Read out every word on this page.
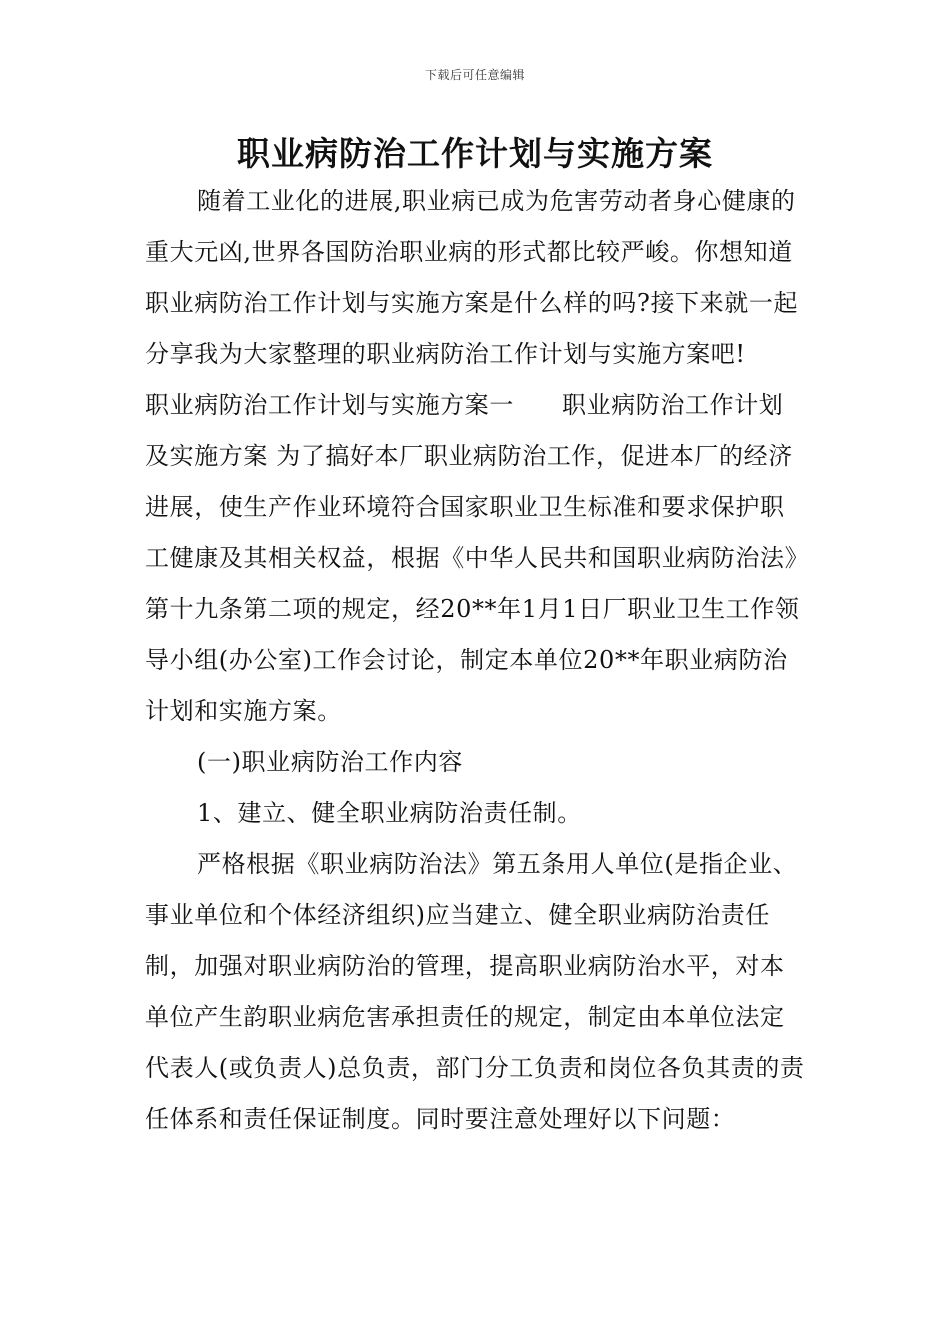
下载后可任意编辑
职业病防治工作计划与实施方案

随着工业化的进展,职业病已成为危害劳动者身心健康的重大元凶,世界各国防治职业病的形式都比较严峻。你想知道职业病防治工作计划与实施方案是什么样的吗?接下来就一起分享我为大家整理的职业病防治工作计划与实施方案吧!

职业病防治工作计划与实施方案一 职业病防治工作计划及实施方案 为了搞好本厂职业病防治工作，促进本厂的经济进展，使生产作业环境符合国家职业卫生标准和要求保护职工健康及其相关权益，根据《中华人民共和国职业病防治法》第十九条第二项的规定，经20**年1月1日厂职业卫生工作领导小组(办公室)工作会讨论，制定本单位20**年职业病防治计划和实施方案。

(一)职业病防治工作内容

1、建立、健全职业病防治责任制。

严格根据《职业病防治法》第五条用人单位(是指企业、事业单位和个体经济组织)应当建立、健全职业病防治责任制，加强对职业病防治的管理，提高职业病防治水平，对本单位产生韵职业病危害承担责任的规定，制定由本单位法定代表人(或负责人)总负责，部门分工负责和岗位各负其责的责任体系和责任保证制度。同时要注意处理好以下问题：
